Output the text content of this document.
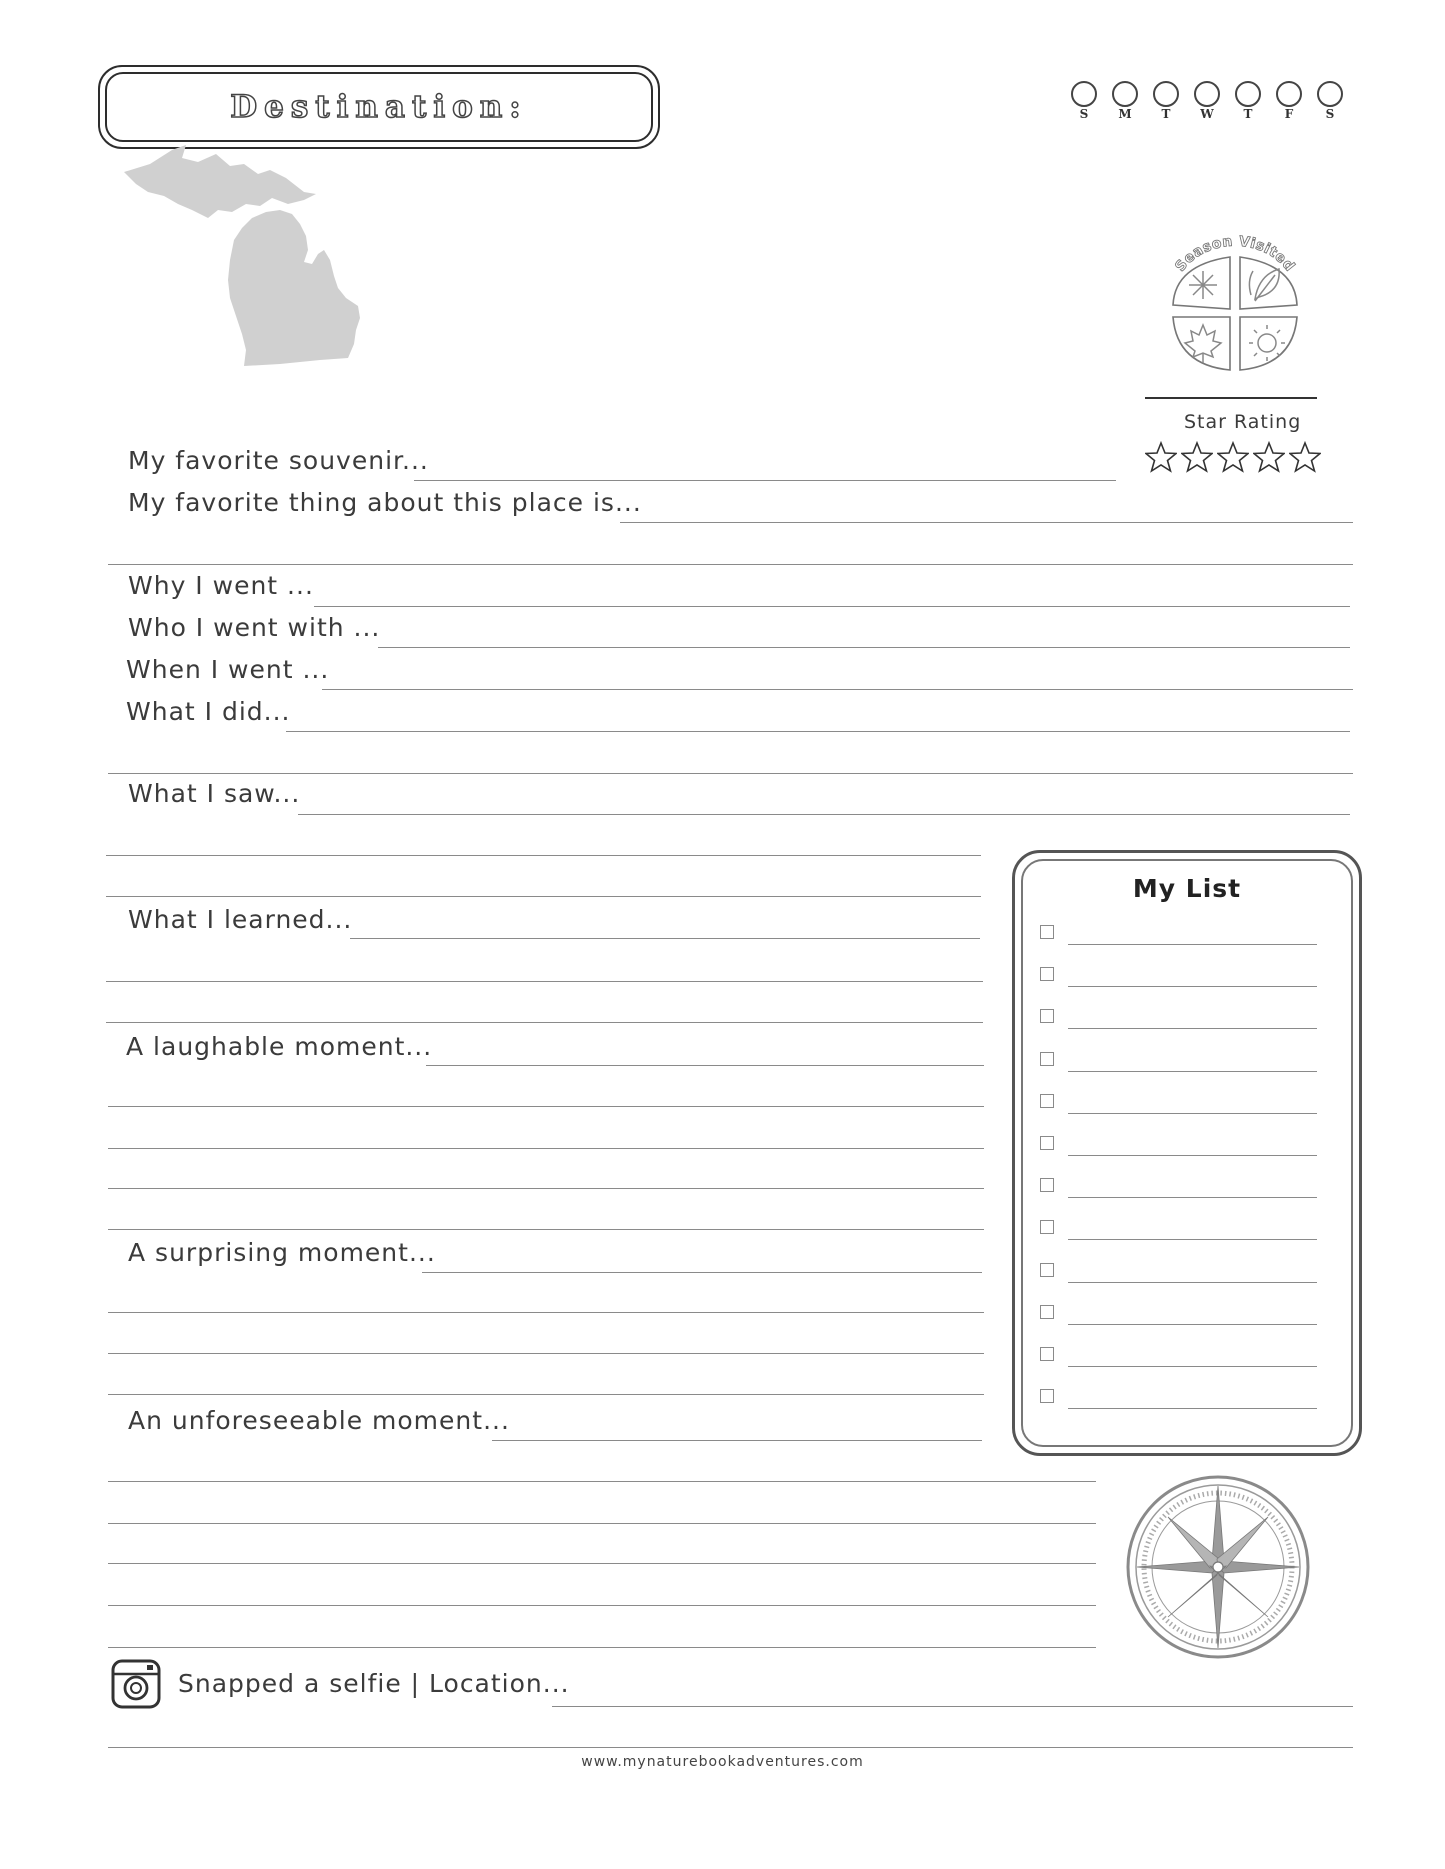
Destination:	S	M	T	W	T	F	S
Season Visited
Star Rating
My favorite souvenir...
My favorite thing about this place is...
Why I went ...
Who I went with ...
When I went ...
What I did...
What I saw...
What I learned...
A laughable moment...
A surprising moment...
An unforeseeable moment...
My List
Snapped a selfie | Location...
www.mynaturebookadventures.com
